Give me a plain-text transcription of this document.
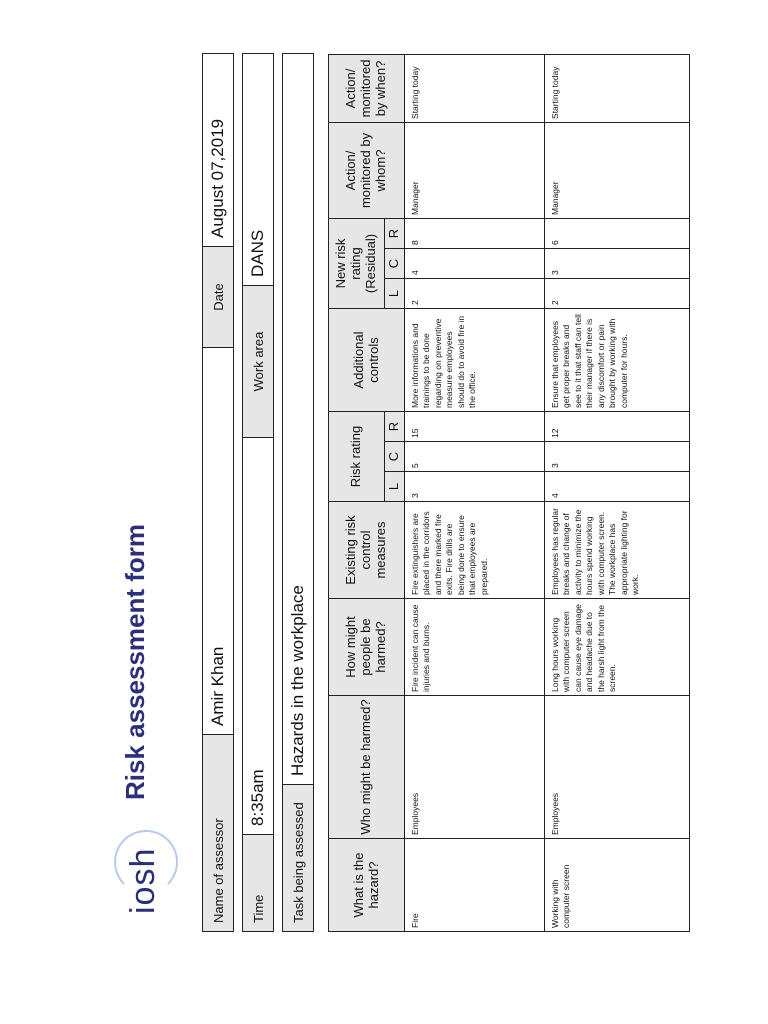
iosh
Risk assessment form
Name of assessor
Amir Khan
Date
August 07,2019
Time
8:35am
Work area
DANS
Task being assessed
Hazards in the workplace
What is the hazard?	Who might be harmed?	How might people be harmed?	Existing risk control measures	Risk rating			Additional controls	New risk rating (Residual)			Action/ monitored by whom?	Action/ monitored by when?
				L	C	R		L	C	R		
Fire	Employees	Fire incident can cause injuries and burns.	Fire extinguishers are placed in the corridors and there marked fire exits. Fire drills are being done to ensure that employees are prepared.	3	5	15	More informations and trainings to be done regarding on preventive measure employees should do to avoid fire in the office.	2	4	8	Manager	Starting today
Working with computer screen	Employees	Long hours working with computer screen can cause eye damage and headache due to the harsh light from the screen.	Employees has regular breaks and change of activity to minimize the hours spend working with computer screen. The workplace has appropriate lighting for work.	4	3	12	Ensure that employees get proper breaks and see to it that staff can tell their manager if there is any discomfort or pain brought by working with computer for hours.	2	3	6	Manager	Starting today
